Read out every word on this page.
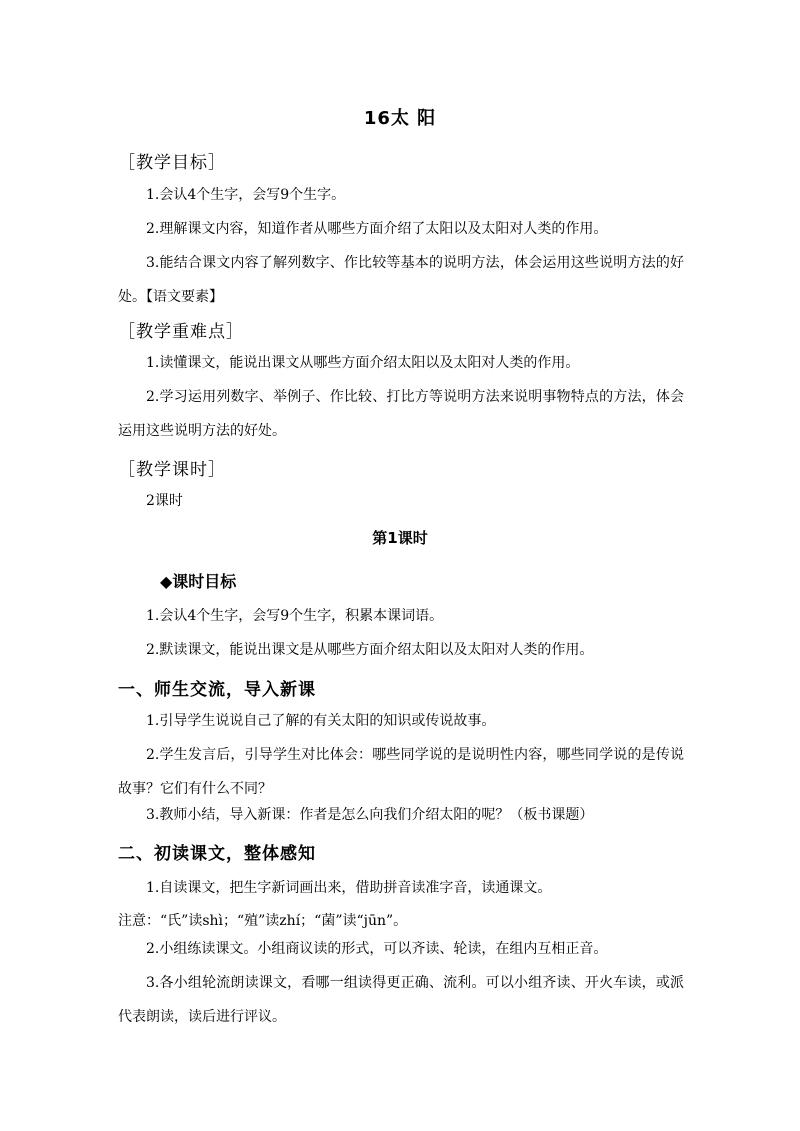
16太 阳
［教学目标］
1.会认4个生字，会写9个生字。
2.理解课文内容，知道作者从哪些方面介绍了太阳以及太阳对人类的作用。
3.能结合课文内容了解列数字、作比较等基本的说明方法，体会运用这些说明方法的好处。【语文要素】
［教学重难点］
1.读懂课文，能说出课文从哪些方面介绍太阳以及太阳对人类的作用。
2.学习运用列数字、举例子、作比较、打比方等说明方法来说明事物特点的方法，体会运用这些说明方法的好处。
［教学课时］
2课时
第1课时
◆课时目标
1.会认4个生字，会写9个生字，积累本课词语。
2.默读课文，能说出课文是从哪些方面介绍太阳以及太阳对人类的作用。
一、师生交流，导入新课
1.引导学生说说自己了解的有关太阳的知识或传说故事。
2.学生发言后，引导学生对比体会：哪些同学说的是说明性内容，哪些同学说的是传说故事？它们有什么不同？
3.教师小结，导入新课：作者是怎么向我们介绍太阳的呢？（板书课题）
二、初读课文，整体感知
1.自读课文，把生字新词画出来，借助拼音读准字音，读通课文。
注意：“氏”读shì；“殖”读zhí；“菌”读“jūn”。
2.小组练读课文。小组商议读的形式，可以齐读、轮读，在组内互相正音。
3.各小组轮流朗读课文，看哪一组读得更正确、流利。可以小组齐读、开火车读，或派代表朗读，读后进行评议。
